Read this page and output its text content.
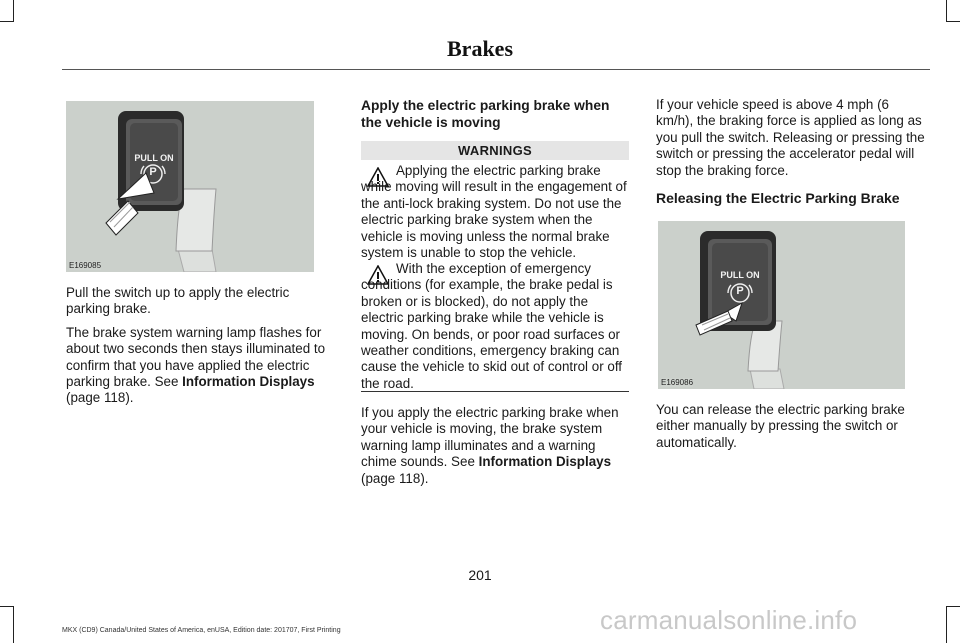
Brakes
PULL ON
P
E169085

Pull the switch up to apply the electric parking brake.

The brake system warning lamp flashes for about two seconds then stays illuminated to confirm that you have applied the electric parking brake. See Information Displays
(page 118).

Apply the electric parking brake when the vehicle is moving
WARNINGS

Applying the electric parking brake while moving will result in the engagement of the anti-lock braking system. Do not use the electric parking brake system when the vehicle is moving unless the normal brake system is unable to stop the vehicle.

With the exception of emergency conditions (for example, the brake pedal is broken or is blocked), do not apply the electric parking brake while the vehicle is moving. On bends, or poor road surfaces or weather conditions, emergency braking can cause the vehicle to skid out of control or off the road.

If you apply the electric parking brake when your vehicle is moving, the brake system warning lamp illuminates and a warning chime sounds. See Information Displays
(page 118).

If your vehicle speed is above 4 mph (6 km/h), the braking force is applied as long as you pull the switch. Releasing or pressing the switch or pressing the accelerator pedal will stop the braking force.
Releasing the Electric Parking Brake
PULL ON
P
E169086
You can release the electric parking brake either manually by pressing the switch or automatically.
201
MKX (CD9) Canada/United States of America, enUSA, Edition date: 201707, First Printing	carmanualsonline.info
